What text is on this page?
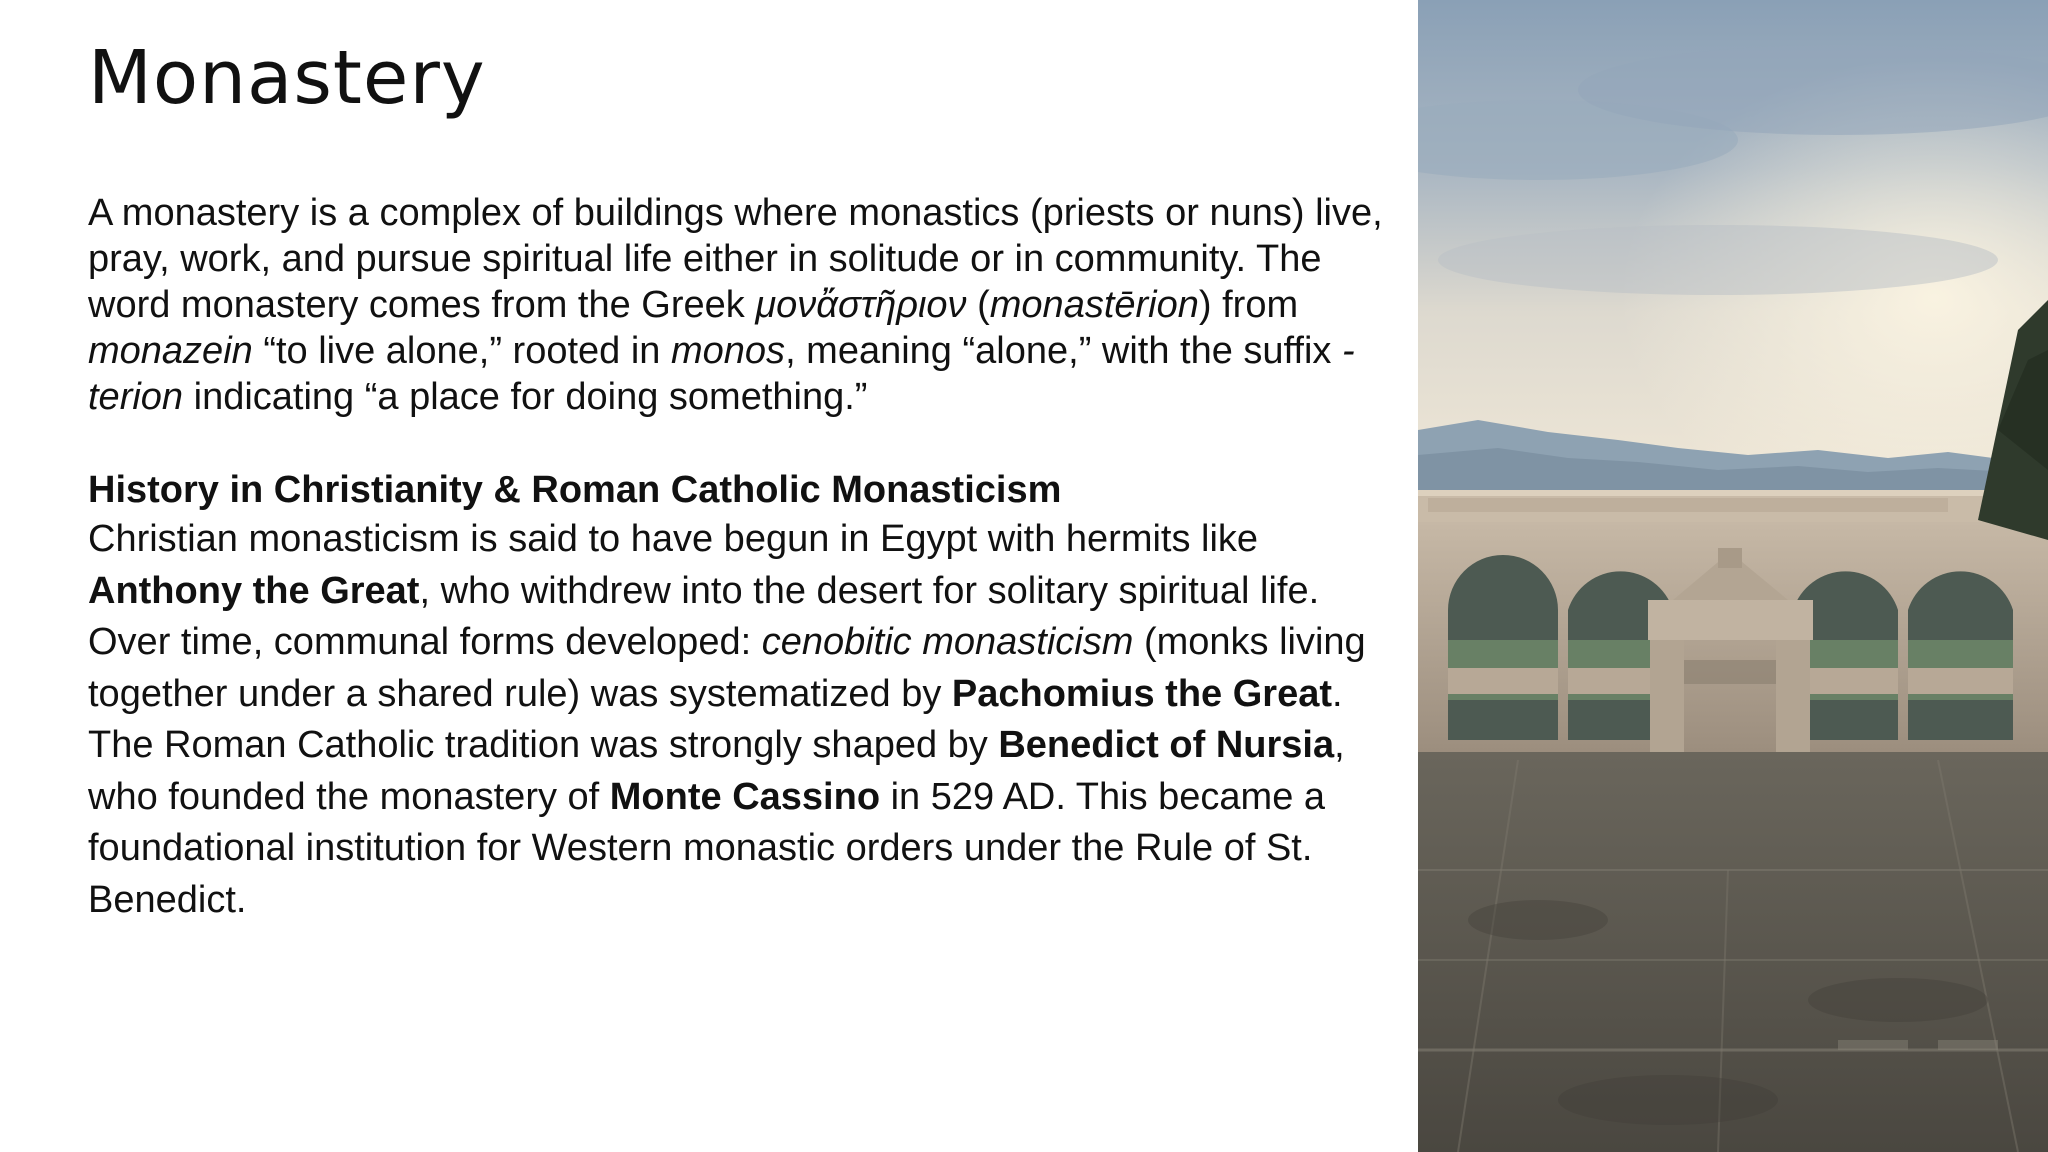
Monastery

A monastery is a complex of buildings where monastics (priests or nuns) live, pray, work, and pursue spiritual life either in solitude or in community. The word monastery comes from the Greek μονἄστῆριον (monastērion) from monazein “to live alone,” rooted in monos, meaning “alone,” with the suffix -terion indicating “a place for doing something.”

History in Christianity & Roman Catholic Monasticism

Christian monasticism is said to have begun in Egypt with hermits like Anthony the Great, who withdrew into the desert for solitary spiritual life.

Over time, communal forms developed: cenobitic monasticism (monks living together under a shared rule) was systematized by Pachomius the Great.

The Roman Catholic tradition was strongly shaped by Benedict of Nursia, who founded the monastery of Monte Cassino in 529 AD. This became a foundational institution for Western monastic orders under the Rule of St. Benedict.
